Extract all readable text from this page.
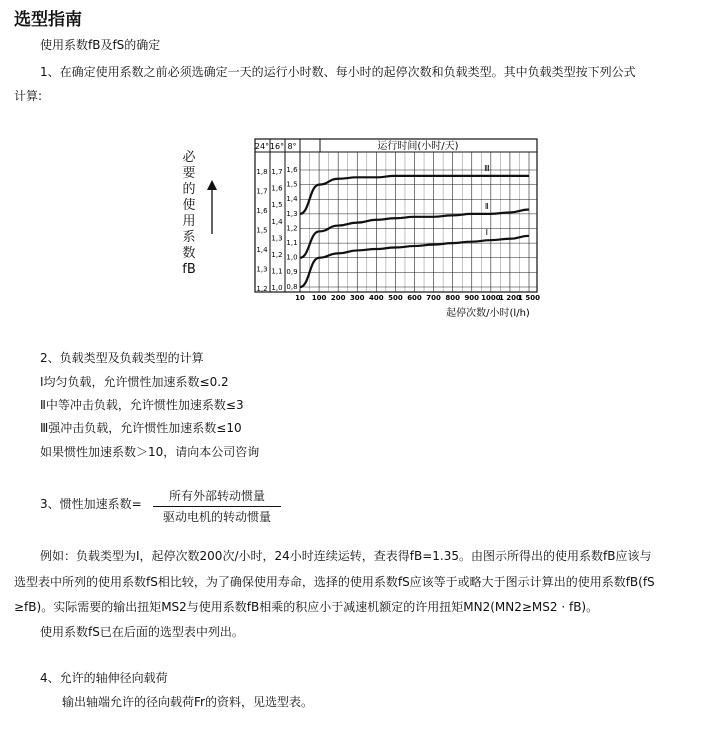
选型指南
使用系数fB及fS的确定
1、在确定使用系数之前必须选确定一天的运行小时数、每小时的起停次数和负载类型。其中负载类型按下列公式
计算:
必要的使用系数fB
24° 16° 8°	运行时间(小时/天)
1,8
1,7
1,6
1,5
1,4
1,3
1,2
1,7
1,6
1,5
1,4
1,3
1,2
1,1
1,0
1,6
1,5
1,4
1,3
1,2
1,1
1,0
0,9
0,8
10 100 200 300 400 500 600 700 800 900 1000
1 200
1 500
起停次数/小时(l/h)
Ⅰ
Ⅱ
Ⅲ
2、负载类型及负载类型的计算
Ⅰ均匀负载，允许惯性加速系数≤0.2
Ⅱ中等冲击负载，允许惯性加速系数≤3
Ⅲ强冲击负载，允许惯性加速系数≤10
如果惯性加速系数＞10，请向本公司咨询
3、惯性加速系数=
所有外部转动惯量
驱动电机的转动惯量
例如：负载类型为Ⅰ，起停次数200次/小时，24小时连续运转，查表得fB=1.35。由图示所得出的使用系数fB应该与
选型表中所列的使用系数fS相比较，为了确保使用寿命，选择的使用系数fS应该等于或略大于图示计算出的使用系数fB(fS
≥fB)。实际需要的输出扭矩MS2与使用系数fB相乘的积应小于减速机额定的许用扭矩MN2(MN2≥MS2 · fB)。
使用系数fS已在后面的选型表中列出。
4、允许的轴伸径向载荷
输出轴端允许的径向载荷Fr的资料，见选型表。
